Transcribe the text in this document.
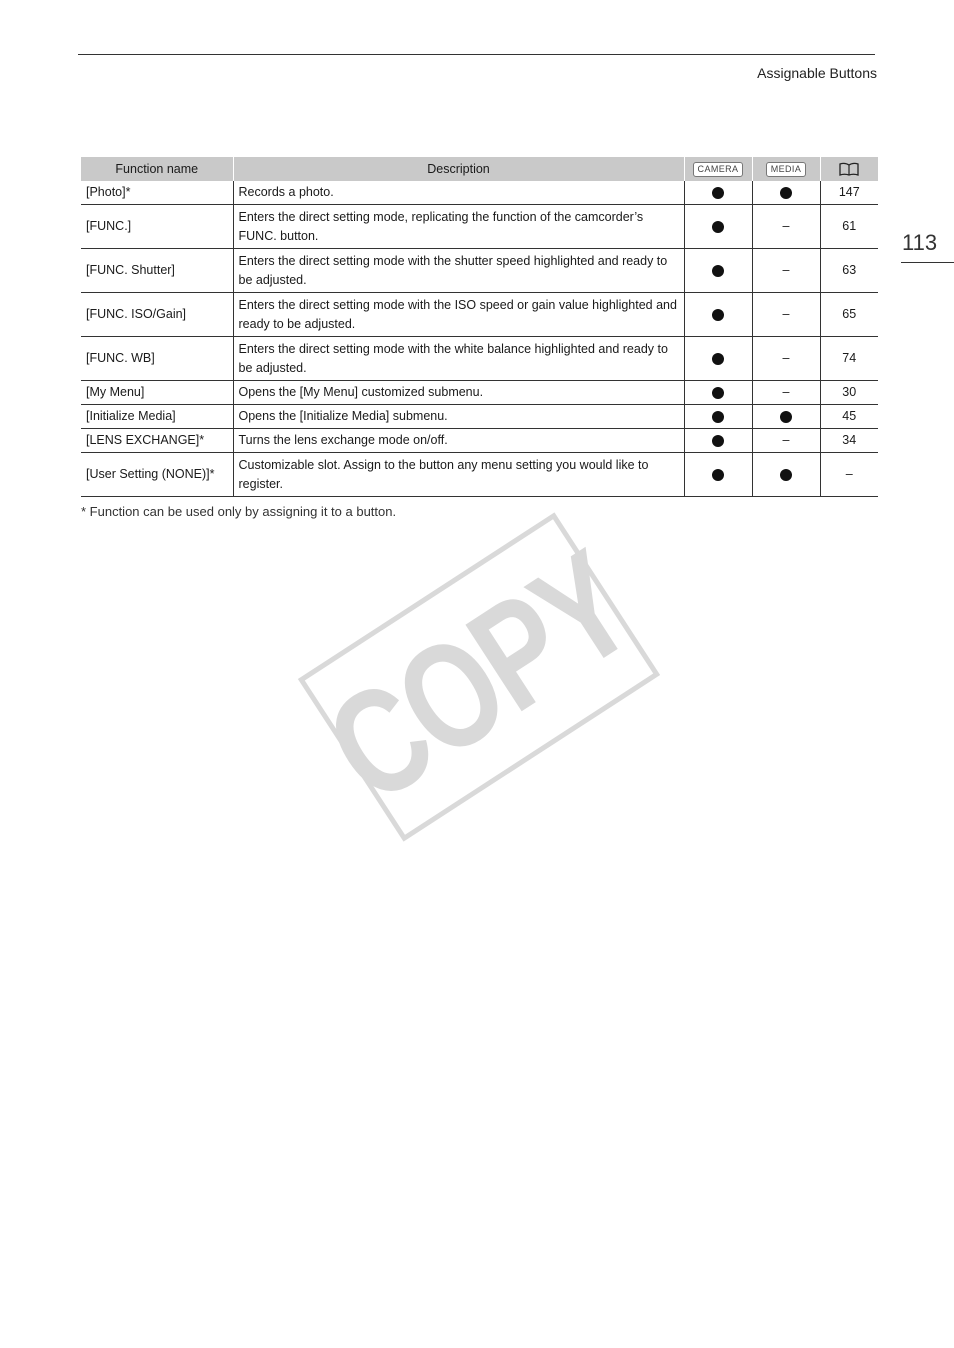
Assignable Buttons
113
Function name	Description	CAMERA	MEDIA	
[Photo]*	Records a photo.			147
[FUNC.]	Enters the direct setting mode, replicating the function of the camcorder’s FUNC. button.		–	61
[FUNC. Shutter]	Enters the direct setting mode with the shutter speed highlighted and ready to be adjusted.		–	63
[FUNC. ISO/Gain]	Enters the direct setting mode with the ISO speed or gain value highlighted and ready to be adjusted.		–	65
[FUNC. WB]	Enters the direct setting mode with the white balance highlighted and ready to be adjusted.		–	74
[My Menu]	Opens the [My Menu] customized submenu.		–	30
[Initialize Media]	Opens the [Initialize Media] submenu.			45
[LENS EXCHANGE]*	Turns the lens exchange mode on/off.		–	34
[User Setting (NONE)]*	Customizable slot. Assign to the button any menu setting you would like to register.			–
* Function can be used only by assigning it to a button.
COPY
